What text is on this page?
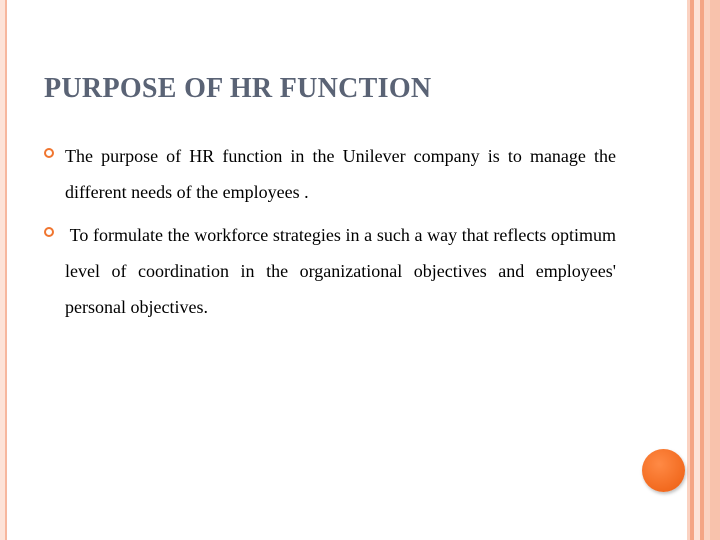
PURPOSE OF HR FUNCTION

The purpose of HR function in the Unilever company is to manage the different needs of the employees .

To formulate the workforce strategies in a such a way that reflects optimum level of coordination in the organizational objectives and employees' personal objectives.
